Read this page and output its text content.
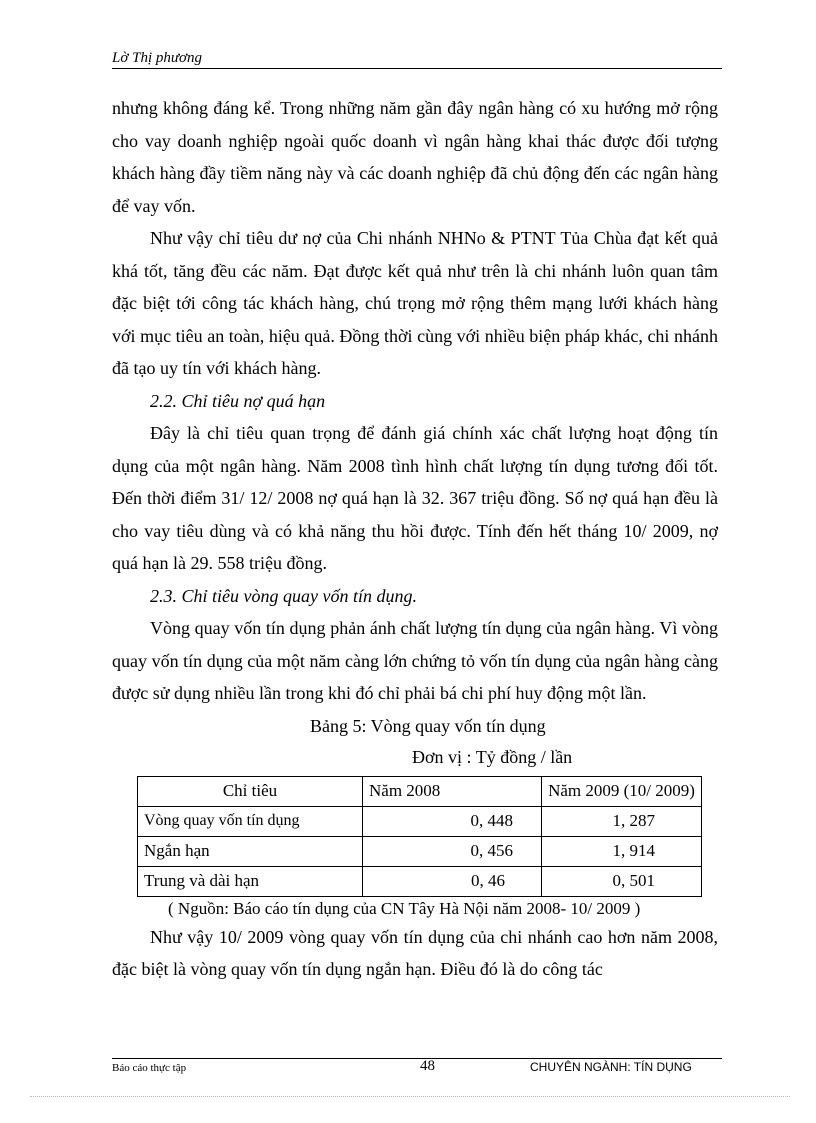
Lờ Thị phương

nhưng không đáng kể. Trong những năm gần đây ngân hàng có xu hướng mở rộng cho vay doanh nghiệp ngoài quốc doanh vì ngân hàng khai thác được đối tượng khách hàng đầy tiềm năng này và các doanh nghiệp đã chủ động đến các ngân hàng để vay vốn.

Như vậy chỉ tiêu dư nợ của Chi nhánh NHNo & PTNT Tủa Chùa đạt kết quả khá tốt, tăng đều các năm. Đạt được kết quả như trên là chi nhánh luôn quan tâm đặc biệt tới công tác khách hàng, chú trọng mở rộng thêm mạng lưới khách hàng với mục tiêu an toàn, hiệu quả. Đồng thời cùng với nhiều biện pháp khác, chi nhánh đã tạo uy tín với khách hàng.

2.2. Chỉ tiêu nợ quá hạn

Đây là chỉ tiêu quan trọng để đánh giá chính xác chất lượng hoạt động tín dụng của một ngân hàng. Năm 2008 tình hình chất lượng tín dụng tương đối tốt. Đến thời điểm 31/ 12/ 2008 nợ quá hạn là 32. 367 triệu đồng. Số nợ quá hạn đều là cho vay tiêu dùng và có khả năng thu hồi được. Tính đến hết tháng 10/ 2009, nợ quá hạn là 29. 558 triệu đồng.

2.3. Chỉ tiêu vòng quay vốn tín dụng.

Vòng quay vốn tín dụng phản ánh chất lượng tín dụng của ngân hàng. Vì vòng quay vốn tín dụng của một năm càng lớn chứng tỏ vốn tín dụng của ngân hàng càng được sử dụng nhiều lần trong khi đó chỉ phải bá chi phí huy động một lần.

Bảng 5: Vòng quay vốn tín dụng

Đơn vị : Tỷ đồng / lần

Chỉ tiêu	Năm 2008	Năm 2009 (10/ 2009)
Vòng quay vốn tín dụng	0, 448	1, 287
Ngắn hạn	0, 456	1, 914
Trung và dài hạn	0, 46	0, 501

( Nguồn: Báo cáo tín dụng của CN Tây Hà Nội năm 2008- 10/ 2009 )

Như vậy 10/ 2009 vòng quay vốn tín dụng của chi nhánh cao hơn năm 2008, đặc biệt là vòng quay vốn tín dụng ngắn hạn. Điều đó là do công tác

Báo cáo thực tập	48	CHUYÊN NGÀNH: TÍN DỤNG
